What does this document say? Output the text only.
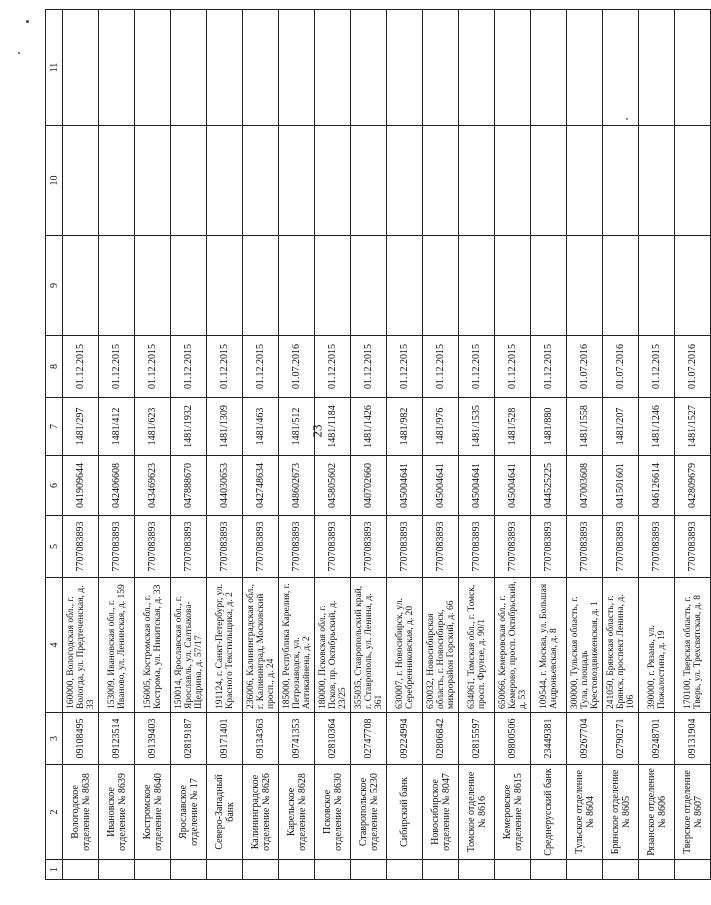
23
1	2	3	4	5	6	7	8	9	10	11
	Вологодское отделение № 8638	09108495	160000, Вологодская обл., г. Вологда, ул. Предтеченская, д. 33	7707083893	041909644	1481/297	01.12.2015			
	Ивановское отделение № 8639	09123514	153009, Ивановская обл., г. Иваново, ул. Ленинская, д. 159	7707083893	042406608	1481/412	01.12.2015			
	Костромское отделение № 8640	09139403	156005, Костромская обл., г. Кострома, ул. Никитская, д. 33	7707083893	043469623	1481/623	01.12.2015			
	Ярославское отделение № 17	02819187	150014, Ярославская обл., г. Ярославль, ул. Салтыкова-Щедрина, д. 57/17	7707083893	047888670	1481/1932	01.12.2015			
	Северо-Западный банк	09171401	191124, г. Санкт-Петербург, ул. Красного Текстильщика, д. 2	7707083893	044030653	1481/1309	01.12.2015			
	Калининградское отделение № 8626	09134363	236006, Калининградская обл., г. Калининград, Московский просп., д. 24	7707083893	042748634	1481/463	01.12.2015			
	Карельское отделение № 8628	09741353	185000, Республика Карелия, г. Петрозаводск, ул. Антикайнена, д. 2	7707083893	048602673	1481/512	01.07.2016			
	Псковское отделение № 8630	02810364	180000, Псковская обл., г. Псков, пр. Октябрьский, д. 23/25	7707083893	045805602	1481/1184	01.12.2015			
	Ставропольское отделение № 5230	02747708	355035, Ставропольский край, г. Ставрополь, ул. Ленина, д. 361	7707083893	040702660	1481/1426	01.12.2015			
	Сибирский банк	09224994	630007, г. Новосибирск, ул. Серебренниковская, д. 20	7707083893	045004641	1481/982	01.12.2015			
	Новосибирское отделение № 8047	02806842	630032, Новосибирская область, г. Новосибирск, микрорайон Горский, д. 66	7707083893	045004641	1481/976	01.12.2015			
	Томское отделение № 8616	02815597	634061, Томская обл., г. Томск, просп. Фрунзе, д. 90/1	7707083893	045004641	1481/1535	01.12.2015			
	Кемеровское отделение № 8615	09800506	650066, Кемеровская обл., г. Кемерово, просп. Октябрьский, д. 53	7707083893	045004641	1481/528	01.12.2015			
	Среднерусский банк	23449381	109544, г. Москва, ул. Большая Андроньевская, д. 8	7707083893	044525225	1481/880	01.12.2015			
	Тульское отделение № 8604	09267704	300000, Тульская область, г. Тула, площадь Крестовоздвиженская, д. 1	7707083893	047003608	1481/1558	01.07.2016			
	Брянское отделение № 8605	02790271	241050, Брянская область, г. Брянск, проспект Ленина, д. 106	7707083893	041501601	1481/207	01.07.2016			
	Рязанское отделение № 8606	09248701	390000, г. Рязань, ул. Пожалостина, д. 19	7707083893	046126614	1481/1246	01.12.2015			
	Тверское отделение № 8607	09131904	170100, Тверская область, г. Тверь, ул. Трехсвятская, д. 8	7707083893	042809679	1481/1527	01.07.2016			
